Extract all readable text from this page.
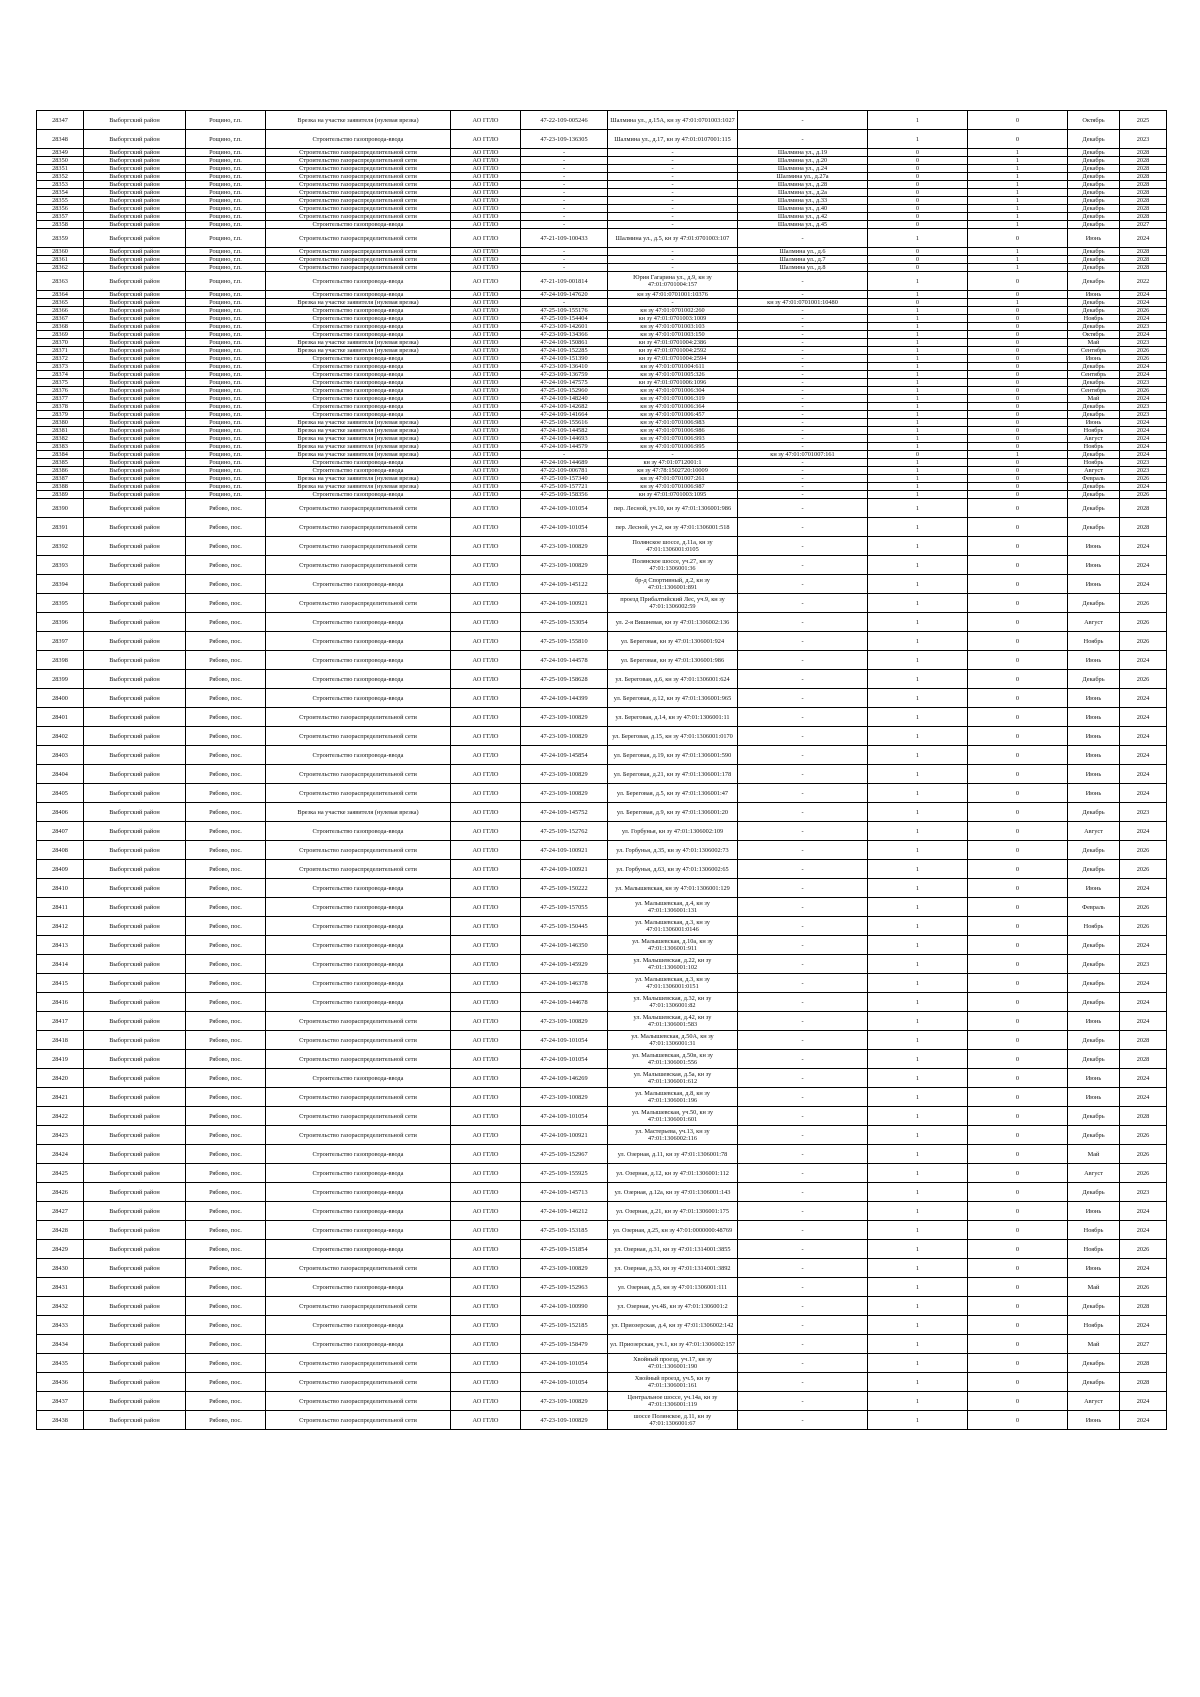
28347	Выборгский район	Рощино, г.п.	Врезка на участке заявителя (нулевая врезка)	АО ГГЛО	47-22-109-005246	Шалмина ул., д.15А, кн зу 47:01:0701003:1027	-	1	0	Октябрь	2025
28348	Выборгский район	Рощино, г.п.	Строительство газопровода-ввода	АО ГГЛО	47-23-109-136305	Шалмина ул., д.17, кн зу 47:01:0107001:115	-	1	0	Декабрь	2023
28349	Выборгский район	Рощино, г.п.	Строительство газораспределительной сети	АО ГГЛО	-	-	Шалмина ул., д.19	0	1	Декабрь	2028
28350	Выборгский район	Рощино, г.п.	Строительство газораспределительной сети	АО ГГЛО	-	-	Шалмина ул., д.20	0	1	Декабрь	2028
28351	Выборгский район	Рощино, г.п.	Строительство газораспределительной сети	АО ГГЛО	-	-	Шалмина ул., д.24	0	1	Декабрь	2028
28352	Выборгский район	Рощино, г.п.	Строительство газораспределительной сети	АО ГГЛО	-	-	Шалмина ул., д.27а	0	1	Декабрь	2028
28353	Выборгский район	Рощино, г.п.	Строительство газораспределительной сети	АО ГГЛО	-	-	Шалмина ул., д.28	0	1	Декабрь	2028
28354	Выборгский район	Рощино, г.п.	Строительство газораспределительной сети	АО ГГЛО	-	-	Шалмина ул., д.2а	0	1	Декабрь	2028
28355	Выборгский район	Рощино, г.п.	Строительство газораспределительной сети	АО ГГЛО	-	-	Шалмина ул., д.33	0	1	Декабрь	2028
28356	Выборгский район	Рощино, г.п.	Строительство газораспределительной сети	АО ГГЛО	-	-	Шалмина ул., д.40	0	1	Декабрь	2028
28357	Выборгский район	Рощино, г.п.	Строительство газораспределительной сети	АО ГГЛО	-	-	Шалмина ул., д.42	0	1	Декабрь	2028
28358	Выборгский район	Рощино, г.п.	Строительство газопровода-ввода	АО ГГЛО	-	-	Шалмина ул., д.45	0	1	Декабрь	2027
28359	Выборгский район	Рощино, г.п.	Строительство газораспределительной сети	АО ГГЛО	47-21-109-100433	Шалмина ул., д.5, кн зу 47:01:0701003:107	-	1	0	Июнь	2024
28360	Выборгский район	Рощино, г.п.	Строительство газораспределительной сети	АО ГГЛО	-	-	Шалмина ул., д.6	0	1	Декабрь	2028
28361	Выборгский район	Рощино, г.п.	Строительство газораспределительной сети	АО ГГЛО	-	-	Шалмина ул., д.7	0	1	Декабрь	2028
28362	Выборгский район	Рощино, г.п.	Строительство газораспределительной сети	АО ГГЛО	-	-	Шалмина ул., д.8	0	1	Декабрь	2028
28363	Выборгский район	Рощино, г.п.	Строительство газопровода-ввода	АО ГГЛО	47-21-109-001814	Юрия Гагарина ул., д.9, кн зу 47:01:0701004:157	-	1	0	Декабрь	2022
28364	Выборгский район	Рощино, г.п.	Строительство газопровода-ввода	АО ГГЛО	47-24-109-147620	кн зу 47:01:0701001:10376	-	1	0	Июнь	2024
28365	Выборгский район	Рощино, г.п.	Врезка на участке заявителя (нулевая врезка)	АО ГГЛО	-	-	кн зу 47:01:0701001:10480	0	1	Декабрь	2024
28366	Выборгский район	Рощино, г.п.	Строительство газопровода-ввода	АО ГГЛО	47-25-109-155176	кн зу 47:01:0701002:260	-	1	0	Декабрь	2026
28367	Выборгский район	Рощино, г.п.	Строительство газопровода-ввода	АО ГГЛО	47-25-109-154404	кн зу 47:01:0701003:1009	-	1	0	Ноябрь	2024
28368	Выборгский район	Рощино, г.п.	Строительство газопровода-ввода	АО ГГЛО	47-23-109-142601	кн зу 47:01:0701003:103	-	1	0	Декабрь	2023
28369	Выборгский район	Рощино, г.п.	Строительство газопровода-ввода	АО ГГЛО	47-23-109-134366	кн зу 47:01:0701003:150	-	1	0	Октябрь	2024
28370	Выборгский район	Рощино, г.п.	Врезка на участке заявителя (нулевая врезка)	АО ГГЛО	47-24-109-150861	кн зу 47:01:0701004:2386	-	1	0	Май	2023
28371	Выборгский район	Рощино, г.п.	Врезка на участке заявителя (нулевая врезка)	АО ГГЛО	47-24-109-152285	кн зу 47:01:0701004:2592	-	1	0	Сентябрь	2026
28372	Выборгский район	Рощино, г.п.	Строительство газопровода-ввода	АО ГГЛО	47-24-109-151390	кн зу 47:01:0701004:2594	-	1	0	Июнь	2026
28373	Выборгский район	Рощино, г.п.	Строительство газопровода-ввода	АО ГГЛО	47-23-109-136410	кн зу 47:01:0701004:611	-	1	0	Декабрь	2024
28374	Выборгский район	Рощино, г.п.	Строительство газопровода-ввода	АО ГГЛО	47-23-109-136759	кн зу 47:01:0701005:326	-	1	0	Сентябрь	2024
28375	Выборгский район	Рощино, г.п.	Строительство газопровода-ввода	АО ГГЛО	47-24-109-147575	кн зу 47:01:0701006:1096	-	1	0	Декабрь	2023
28376	Выборгский район	Рощино, г.п.	Строительство газопровода-ввода	АО ГГЛО	47-25-109-152960	кн зу 47:01:0701006:304	-	1	0	Сентябрь	2026
28377	Выборгский район	Рощино, г.п.	Строительство газопровода-ввода	АО ГГЛО	47-24-109-148240	кн зу 47:01:0701006:319	-	1	0	Май	2024
28378	Выборгский район	Рощино, г.п.	Строительство газопровода-ввода	АО ГГЛО	47-24-109-142682	кн зу 47:01:0701006:364	-	1	0	Декабрь	2023
28379	Выборгский район	Рощино, г.п.	Строительство газопровода-ввода	АО ГГЛО	47-24-109-141664	кн зу 47:01:0701006:457	-	1	0	Декабрь	2023
28380	Выборгский район	Рощино, г.п.	Врезка на участке заявителя (нулевая врезка)	АО ГГЛО	47-25-109-155616	кн зу 47:01:0701006:983	-	1	0	Июнь	2024
28381	Выборгский район	Рощино, г.п.	Врезка на участке заявителя (нулевая врезка)	АО ГГЛО	47-24-109-144582	кн зу 47:01:0701006:986	-	1	0	Ноябрь	2024
28382	Выборгский район	Рощино, г.п.	Врезка на участке заявителя (нулевая врезка)	АО ГГЛО	47-24-109-144693	кн зу 47:01:0701006:993	-	1	0	Август	2024
28383	Выборгский район	Рощино, г.п.	Врезка на участке заявителя (нулевая врезка)	АО ГГЛО	47-24-109-144579	кн зу 47:01:0701006:995	-	1	0	Ноябрь	2024
28384	Выборгский район	Рощино, г.п.	Врезка на участке заявителя (нулевая врезка)	АО ГГЛО	-	-	кн зу 47:01:0701007:161	0	1	Декабрь	2024
28385	Выборгский район	Рощино, г.п.	Строительство газопровода-ввода	АО ГГЛО	47-24-109-144689	кн зу 47:01:0712001:1	-	1	0	Ноябрь	2023
28386	Выборгский район	Рощино, г.п.	Строительство газопровода-ввода	АО ГГЛО	47-22-109-006781	кн зу 47:78:1502720:10009	-	1	0	Август	2023
28387	Выборгский район	Рощино, г.п.	Врезка на участке заявителя (нулевая врезка)	АО ГГЛО	47-25-109-157340	кн зу 47:01:0701007:261	-	1	0	Февраль	2026
28388	Выборгский район	Рощино, г.п.	Врезка на участке заявителя (нулевая врезка)	АО ГГЛО	47-25-109-157721	кн зу 47:01:0701006:987	-	1	0	Декабрь	2024
28389	Выборгский район	Рощино, г.п.	Строительство газопровода-ввода	АО ГГЛО	47-25-109-158356	кн зу 47:01:0701003:1095	-	1	0	Декабрь	2026
28390	Выборгский район	Рябово, пос.	Строительство газораспределительной сети	АО ГГЛО	47-24-109-101054	пер. Лесной, уч.10, кн зу 47:01:1306001:986	-	1	0	Декабрь	2028
28391	Выборгский район	Рябово, пос.	Строительство газораспределительной сети	АО ГГЛО	47-24-109-101054	пер. Лесной, уч.2, кн зу 47:01:1306001:518	-	1	0	Декабрь	2028
28392	Выборгский район	Рябово, пос.	Строительство газораспределительной сети	АО ГГЛО	47-23-109-100829	Полянское шоссе, д.11а, кн зу 47:01:1306001:0105	-	1	0	Июнь	2024
28393	Выборгский район	Рябово, пос.	Строительство газораспределительной сети	АО ГГЛО	47-23-109-100829	Полянское шоссе, уч.27, кн зу 47:01:1306001:36	-	1	0	Июнь	2024
28394	Выборгский район	Рябово, пос.	Строительство газопровода-ввода	АО ГГЛО	47-24-109-145122	бр-д Спортивный, д.2, кн зу 47:01:1306001:891	-	1	0	Июнь	2024
28395	Выборгский район	Рябово, пос.	Строительство газораспределительной сети	АО ГГЛО	47-24-109-100921	проезд Прибалтийский Лес, уч.9, кн зу 47:01:1306002:59	-	1	0	Декабрь	2026
28396	Выборгский район	Рябово, пос.	Строительство газопровода-ввода	АО ГГЛО	47-25-109-153054	ул. 2-я Вишневая, кн зу 47:01:1306002:136	-	1	0	Август	2026
28397	Выборгский район	Рябово, пос.	Строительство газопровода-ввода	АО ГГЛО	47-25-109-155810	ул. Береговая, кн зу 47:01:1306001:924	-	1	0	Ноябрь	2026
28398	Выборгский район	Рябово, пос.	Строительство газопровода-ввода	АО ГГЛО	47-24-109-144578	ул. Береговая, кн зу 47:01:1306001:986	-	1	0	Июнь	2024
28399	Выборгский район	Рябово, пос.	Строительство газопровода-ввода	АО ГГЛО	47-25-109-158628	ул. Береговая, д.6, кн зу 47:01:1306001:624	-	1	0	Декабрь	2026
28400	Выборгский район	Рябово, пос.	Строительство газопровода-ввода	АО ГГЛО	47-24-109-144399	ул. Береговая, д.12, кн зу 47:01:1306001:965	-	1	0	Июнь	2024
28401	Выборгский район	Рябово, пос.	Строительство газораспределительной сети	АО ГГЛО	47-23-109-100829	ул. Береговая, д.14, кн зу 47:01:1306001:11	-	1	0	Июнь	2024
28402	Выборгский район	Рябово, пос.	Строительство газораспределительной сети	АО ГГЛО	47-23-109-100829	ул. Береговая, д.15, кн зу 47:01:1306001:0170	-	1	0	Июнь	2024
28403	Выборгский район	Рябово, пос.	Строительство газопровода-ввода	АО ГГЛО	47-24-109-145854	ул. Береговая, д.19, кн зу 47:01:1306001:590	-	1	0	Июнь	2024
28404	Выборгский район	Рябово, пос.	Строительство газораспределительной сети	АО ГГЛО	47-23-109-100829	ул. Береговая, д.21, кн зу 47:01:1306001:178	-	1	0	Июнь	2024
28405	Выборгский район	Рябово, пос.	Строительство газораспределительной сети	АО ГГЛО	47-23-109-100829	ул. Береговая, д.5, кн зу 47:01:1306001:47	-	1	0	Июнь	2024
28406	Выборгский район	Рябово, пос.	Врезка на участке заявителя (нулевая врезка)	АО ГГЛО	47-24-109-145752	ул. Береговая, д.9, кн зу 47:01:1306001:20	-	1	0	Декабрь	2023
28407	Выборгский район	Рябово, пос.	Строительство газопровода-ввода	АО ГГЛО	47-25-109-152762	ул. Горбунья, кн зу 47:01:1306002:109	-	1	0	Август	2024
28408	Выборгский район	Рябово, пос.	Строительство газораспределительной сети	АО ГГЛО	47-24-109-100921	ул. Горбунья, д.35, кн зу 47:01:1306002:73	-	1	0	Декабрь	2026
28409	Выборгский район	Рябово, пос.	Строительство газораспределительной сети	АО ГГЛО	47-24-109-100921	ул. Горбунья, д.63, кн зу 47:01:1306002:65	-	1	0	Декабрь	2026
28410	Выборгский район	Рябово, пос.	Строительство газопровода-ввода	АО ГГЛО	47-25-109-150222	ул. Малышевская, кн зу 47:01:1306001:129	-	1	0	Июнь	2024
28411	Выборгский район	Рябово, пос.	Строительство газопровода-ввода	АО ГГЛО	47-25-109-157055	ул. Малышевская, д.4, кн зу 47:01:1306001:131	-	1	0	Февраль	2026
28412	Выборгский район	Рябово, пос.	Строительство газопровода-ввода	АО ГГЛО	47-25-109-150445	ул. Малышевская, д.3, кн зу 47:01:1306001:0146	-	1	0	Ноябрь	2026
28413	Выборгский район	Рябово, пос.	Строительство газопровода-ввода	АО ГГЛО	47-24-109-146350	ул. Малышевская, д.10а, кн зу 47:01:1306001:911	-	1	0	Декабрь	2024
28414	Выборгский район	Рябово, пос.	Строительство газопровода-ввода	АО ГГЛО	47-24-109-145929	ул. Малышевская, д.22, кн зу 47:01:1306001:102	-	1	0	Декабрь	2023
28415	Выборгский район	Рябово, пос.	Строительство газопровода-ввода	АО ГГЛО	47-24-109-146378	ул. Малышевская, д.3, кн зу 47:01:1306001:0151	-	1	0	Декабрь	2024
28416	Выборгский район	Рябово, пос.	Строительство газопровода-ввода	АО ГГЛО	47-24-109-144678	ул. Малышевская, д.32, кн зу 47:01:1306001:82	-	1	0	Декабрь	2024
28417	Выборгский район	Рябово, пос.	Строительство газораспределительной сети	АО ГГЛО	47-23-109-100829	ул. Малышевская, д.42, кн зу 47:01:1306001:583	-	1	0	Июнь	2024
28418	Выборгский район	Рябово, пос.	Строительство газораспределительной сети	АО ГГЛО	47-24-109-101054	ул. Малышевская, д.50А, кн зу 47:01:1306001:31	-	1	0	Декабрь	2028
28419	Выборгский район	Рябово, пос.	Строительство газораспределительной сети	АО ГГЛО	47-24-109-101054	ул. Малышевская, д.50в, кн зу 47:01:1306001:556	-	1	0	Декабрь	2028
28420	Выборгский район	Рябово, пос.	Строительство газопровода-ввода	АО ГГЛО	47-24-109-146269	ул. Малышевская, д.5а, кн зу 47:01:1306001:612	-	1	0	Июнь	2024
28421	Выборгский район	Рябово, пос.	Строительство газораспределительной сети	АО ГГЛО	47-23-109-100829	ул. Малышевская, д.8, кн зу 47:01:1306001:196	-	1	0	Июнь	2024
28422	Выборгский район	Рябово, пос.	Строительство газораспределительной сети	АО ГГЛО	47-24-109-101054	ул. Малышевская, уч.50, кн зу 47:01:1306001:601	-	1	0	Декабрь	2028
28423	Выборгский район	Рябово, пос.	Строительство газораспределительной сети	АО ГГЛО	47-24-109-100921	ул. Мастерьева, уч.13, кн зу 47:01:1306002:116	-	1	0	Декабрь	2026
28424	Выборгский район	Рябово, пос.	Строительство газопровода-ввода	АО ГГЛО	47-25-109-152967	ул. Озерная, д.11, кн зу 47:01:1306001:78	-	1	0	Май	2026
28425	Выборгский район	Рябово, пос.	Строительство газопровода-ввода	АО ГГЛО	47-25-109-155925	ул. Озерная, д.12, кн зу 47:01:1306001:112	-	1	0	Август	2026
28426	Выборгский район	Рябово, пос.	Строительство газопровода-ввода	АО ГГЛО	47-24-109-145713	ул. Озерная, д.12а, кн зу 47:01:1306001:143	-	1	0	Декабрь	2023
28427	Выборгский район	Рябово, пос.	Строительство газопровода-ввода	АО ГГЛО	47-24-109-146212	ул. Озерная, д.21, кн зу 47:01:1306001:175	-	1	0	Июнь	2024
28428	Выборгский район	Рябово, пос.	Строительство газопровода-ввода	АО ГГЛО	47-25-109-153185	ул. Озерная, д.25, кн зу 47:01:0000000:48769	-	1	0	Ноябрь	2024
28429	Выборгский район	Рябово, пос.	Строительство газопровода-ввода	АО ГГЛО	47-25-109-151854	ул. Озерная, д.31, кн зу 47:01:1314001:3855	-	1	0	Ноябрь	2026
28430	Выборгский район	Рябово, пос.	Строительство газораспределительной сети	АО ГГЛО	47-23-109-100829	ул. Озерная, д.33, кн зу 47:01:1314001:3892	-	1	0	Июнь	2024
28431	Выборгский район	Рябово, пос.	Строительство газопровода-ввода	АО ГГЛО	47-25-109-152963	ул. Озерная, д.5, кн зу 47:01:1306001:111	-	1	0	Май	2026
28432	Выборгский район	Рябово, пос.	Строительство газораспределительной сети	АО ГГЛО	47-24-109-100990	ул. Озерная, уч.4Б, кн зу 47:01:1306001:2	-	1	0	Декабрь	2028
28433	Выборгский район	Рябово, пос.	Строительство газопровода-ввода	АО ГГЛО	47-25-109-152185	ул. Приозерская, д.4, кн зу 47:01:1306002:142	-	1	0	Ноябрь	2024
28434	Выборгский район	Рябово, пос.	Строительство газопровода-ввода	АО ГГЛО	47-25-109-158479	ул. Приозерская, уч.1, кн зу 47:01:1306002:157	-	1	0	Май	2027
28435	Выборгский район	Рябово, пос.	Строительство газораспределительной сети	АО ГГЛО	47-24-109-101054	Хвойный проезд, уч.17, кн зу 47:01:1306001:190	-	1	0	Декабрь	2028
28436	Выборгский район	Рябово, пос.	Строительство газораспределительной сети	АО ГГЛО	47-24-109-101054	Хвойный проезд, уч.5, кн зу 47:01:1306001:161	-	1	0	Декабрь	2028
28437	Выборгский район	Рябово, пос.	Строительство газораспределительной сети	АО ГГЛО	47-23-109-100829	Центральное шоссе, уч.14а, кн зу 47:01:1306001:119	-	1	0	Август	2024
28438	Выборгский район	Рябово, пос.	Строительство газораспределительной сети	АО ГГЛО	47-23-109-100829	шоссе Полянское, д.11, кн зу 47:01:1306001:67	-	1	0	Июнь	2024
